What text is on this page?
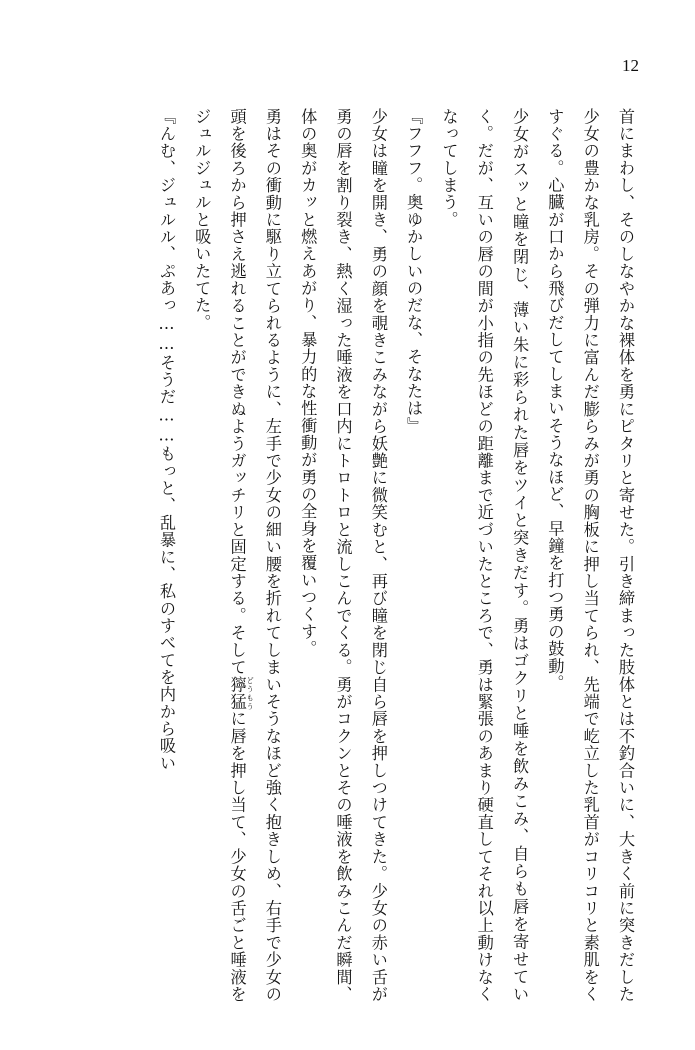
12

首にまわし、そのしなやかな裸体を勇にピタリと寄せた。引き締まった肢体とは不釣合いに、大きく前に突きだした少女の豊かな乳房。その弾力に富んだ膨らみが勇の胸板に押し当てられ、先端で屹立した乳首がコリコリと素肌をくすぐる。心臓が口から飛びだしてしまいそうなほど、早鐘を打つ勇の鼓動。

少女がスッと瞳を閉じ、薄い朱に彩られた唇をツイと突きだす。勇はゴクリと唾を飲みこみ、自らも唇を寄せていく。だが、互いの唇の間が小指の先ほどの距離まで近づいたところで、勇は緊張のあまり硬直してそれ以上動けなくなってしまう。

『フフフ。奥ゆかしいのだな、そなたは』

少女は瞳を開き、勇の顔を覗きこみながら妖艶に微笑むと、再び瞳を閉じ自ら唇を押しつけてきた。少女の赤い舌が勇の唇を割り裂き、熱く湿った唾液を口内にトロトロと流しこんでくる。勇がコクンとその唾液を飲みこんだ瞬間、体の奥がカッと燃えあがり、暴力的な性衝動が勇の全身を覆いつくす。

勇はその衝動に駆り立てられるように、左手で少女の細い腰を折れてしまいそうなほど強く抱きしめ、右手で少女の頭を後ろから押さえ逃れることができぬようガッチリと固定する。そして獰猛 どうもうに唇を押し当て、少女の舌ごと唾液をジュルジュルと吸いたてた。

『んむ、ジュルル、ぷあっ……そうだ……もっと、乱暴に、私のすべてを内から吸い
